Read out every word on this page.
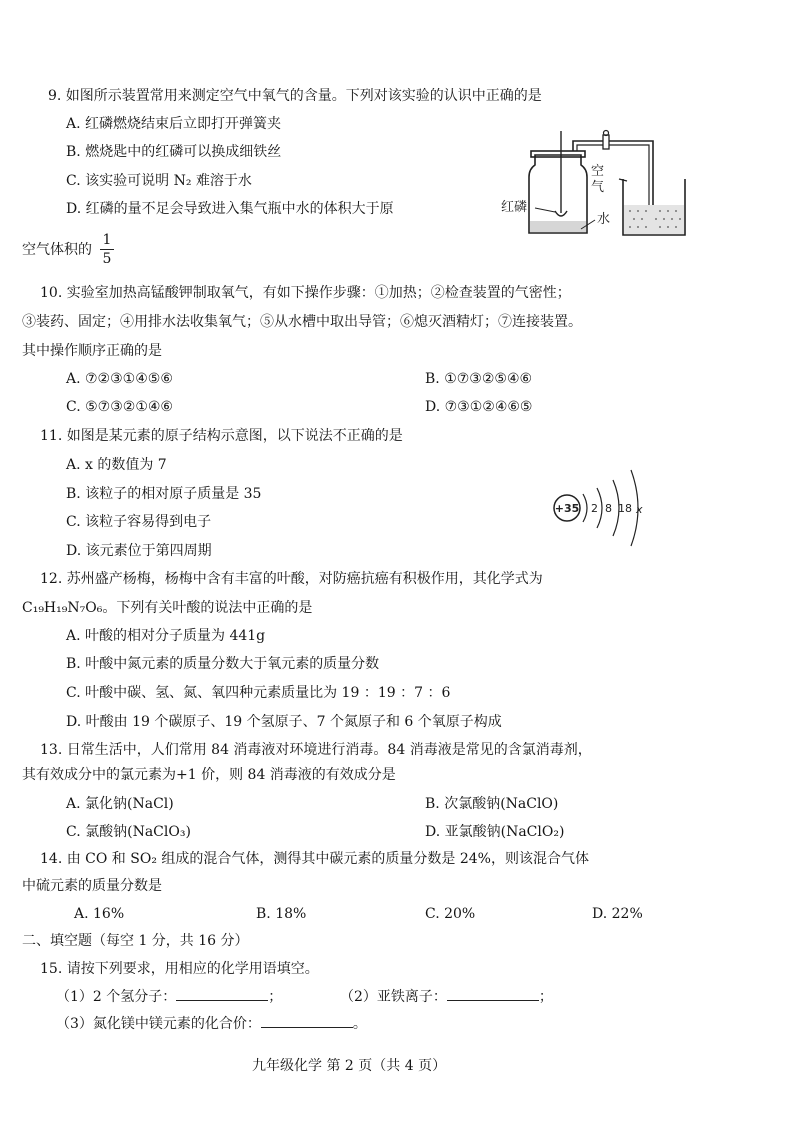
9. 如图所示装置常用来测定空气中氧气的含量。下列对该实验的认识中正确的是
A. 红磷燃烧结束后立即打开弹簧夹
B. 燃烧匙中的红磷可以换成细铁丝
C. 该实验可说明 N₂ 难溶于水
D. 红磷的量不足会导致进入集气瓶中水的体积大于原
空气体积的
1
5
空
气
红磷
水
10. 实验室加热高锰酸钾制取氧气，有如下操作步骤：①加热；②检查装置的气密性；
③装药、固定；④用排水法收集氧气；⑤从水槽中取出导管；⑥熄灭酒精灯；⑦连接装置。
其中操作顺序正确的是
A. ⑦②③①④⑤⑥	B. ①⑦③②⑤④⑥
C. ⑤⑦③②①④⑥	D. ⑦③①②④⑥⑤
11. 如图是某元素的原子结构示意图，以下说法不正确的是
A. x 的数值为 7
B. 该粒子的相对原子质量是 35
C. 该粒子容易得到电子
D. 该元素位于第四周期
+35 2 8 18 x
12. 苏州盛产杨梅，杨梅中含有丰富的叶酸，对防癌抗癌有积极作用，其化学式为
C₁₉H₁₉N₇O₆。下列有关叶酸的说法中正确的是
A. 叶酸的相对分子质量为 441g
B. 叶酸中氮元素的质量分数大于氧元素的质量分数
C. 叶酸中碳、氢、氮、氧四种元素质量比为 19 ：19 ：7 ：6
D. 叶酸由 19 个碳原子、19 个氢原子、7 个氮原子和 6 个氧原子构成
13. 日常生活中，人们常用 84 消毒液对环境进行消毒。84 消毒液是常见的含氯消毒剂，
其有效成分中的氯元素为+1 价，则 84 消毒液的有效成分是
A. 氯化钠(NaCl)	B. 次氯酸钠(NaClO)
C. 氯酸钠(NaClO₃)	D. 亚氯酸钠(NaClO₂)
14. 由 CO 和 SO₂ 组成的混合气体，测得其中碳元素的质量分数是 24%，则该混合气体
中硫元素的质量分数是
A. 16%	B. 18%	C. 20%	D. 22%
二、填空题（每空 1 分，共 16 分）
15. 请按下列要求，用相应的化学用语填空。
（1）2 个氢分子：	；	（2）亚铁离子：	；
（3）氮化镁中镁元素的化合价：	。
九年级化学 第 2 页（共 4 页）
